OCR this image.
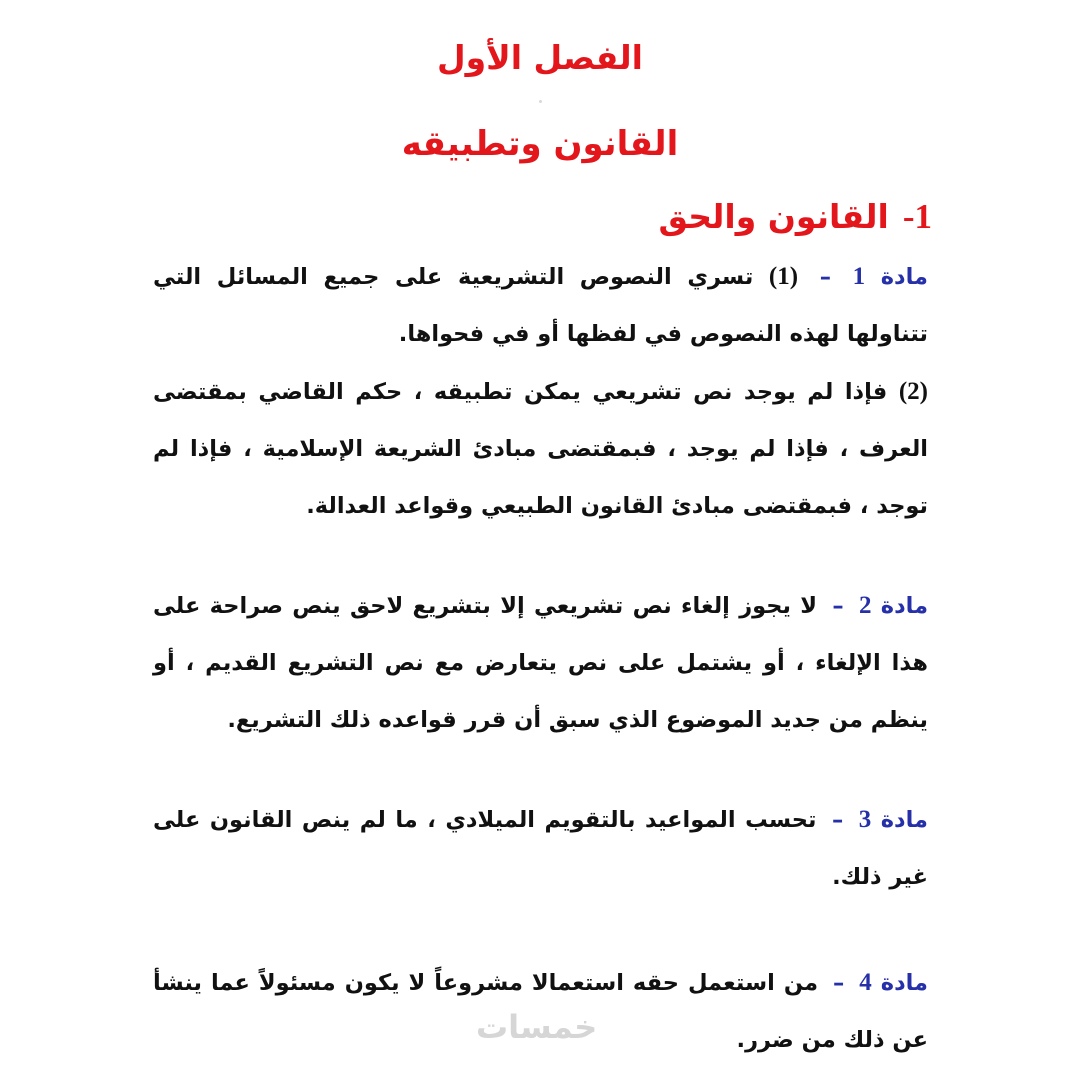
الفصل الأول
القانون وتطبيقه
1-القانون والحق

مادة 1 – (1) تسري النصوص التشريعية على جميع المسائل التي تتناولها لهذه النصوص في لفظها أو في فحواها.

(2) فإذا لم يوجد نص تشريعي يمكن تطبيقه ، حكم القاضي بمقتضى العرف ، فإذا لم يوجد ، فبمقتضى مبادئ الشريعة الإسلامية ، فإذا لم توجد ، فبمقتضى مبادئ القانون الطبيعي وقواعد العدالة.

مادة 2 – لا يجوز إلغاء نص تشريعي إلا بتشريع لاحق ينص صراحة على هذا الإلغاء ، أو يشتمل على نص يتعارض مع نص التشريع القديم ، أو ينظم من جديد الموضوع الذي سبق أن قرر قواعده ذلك التشريع.

مادة 3 – تحسب المواعيد بالتقويم الميلادي ، ما لم ينص القانون على غير ذلك.

مادة 4 – من استعمل حقه استعمالا مشروعاً لا يكون مسئولاً عما ينشأ عن ذلك من ضرر.

خمسات
